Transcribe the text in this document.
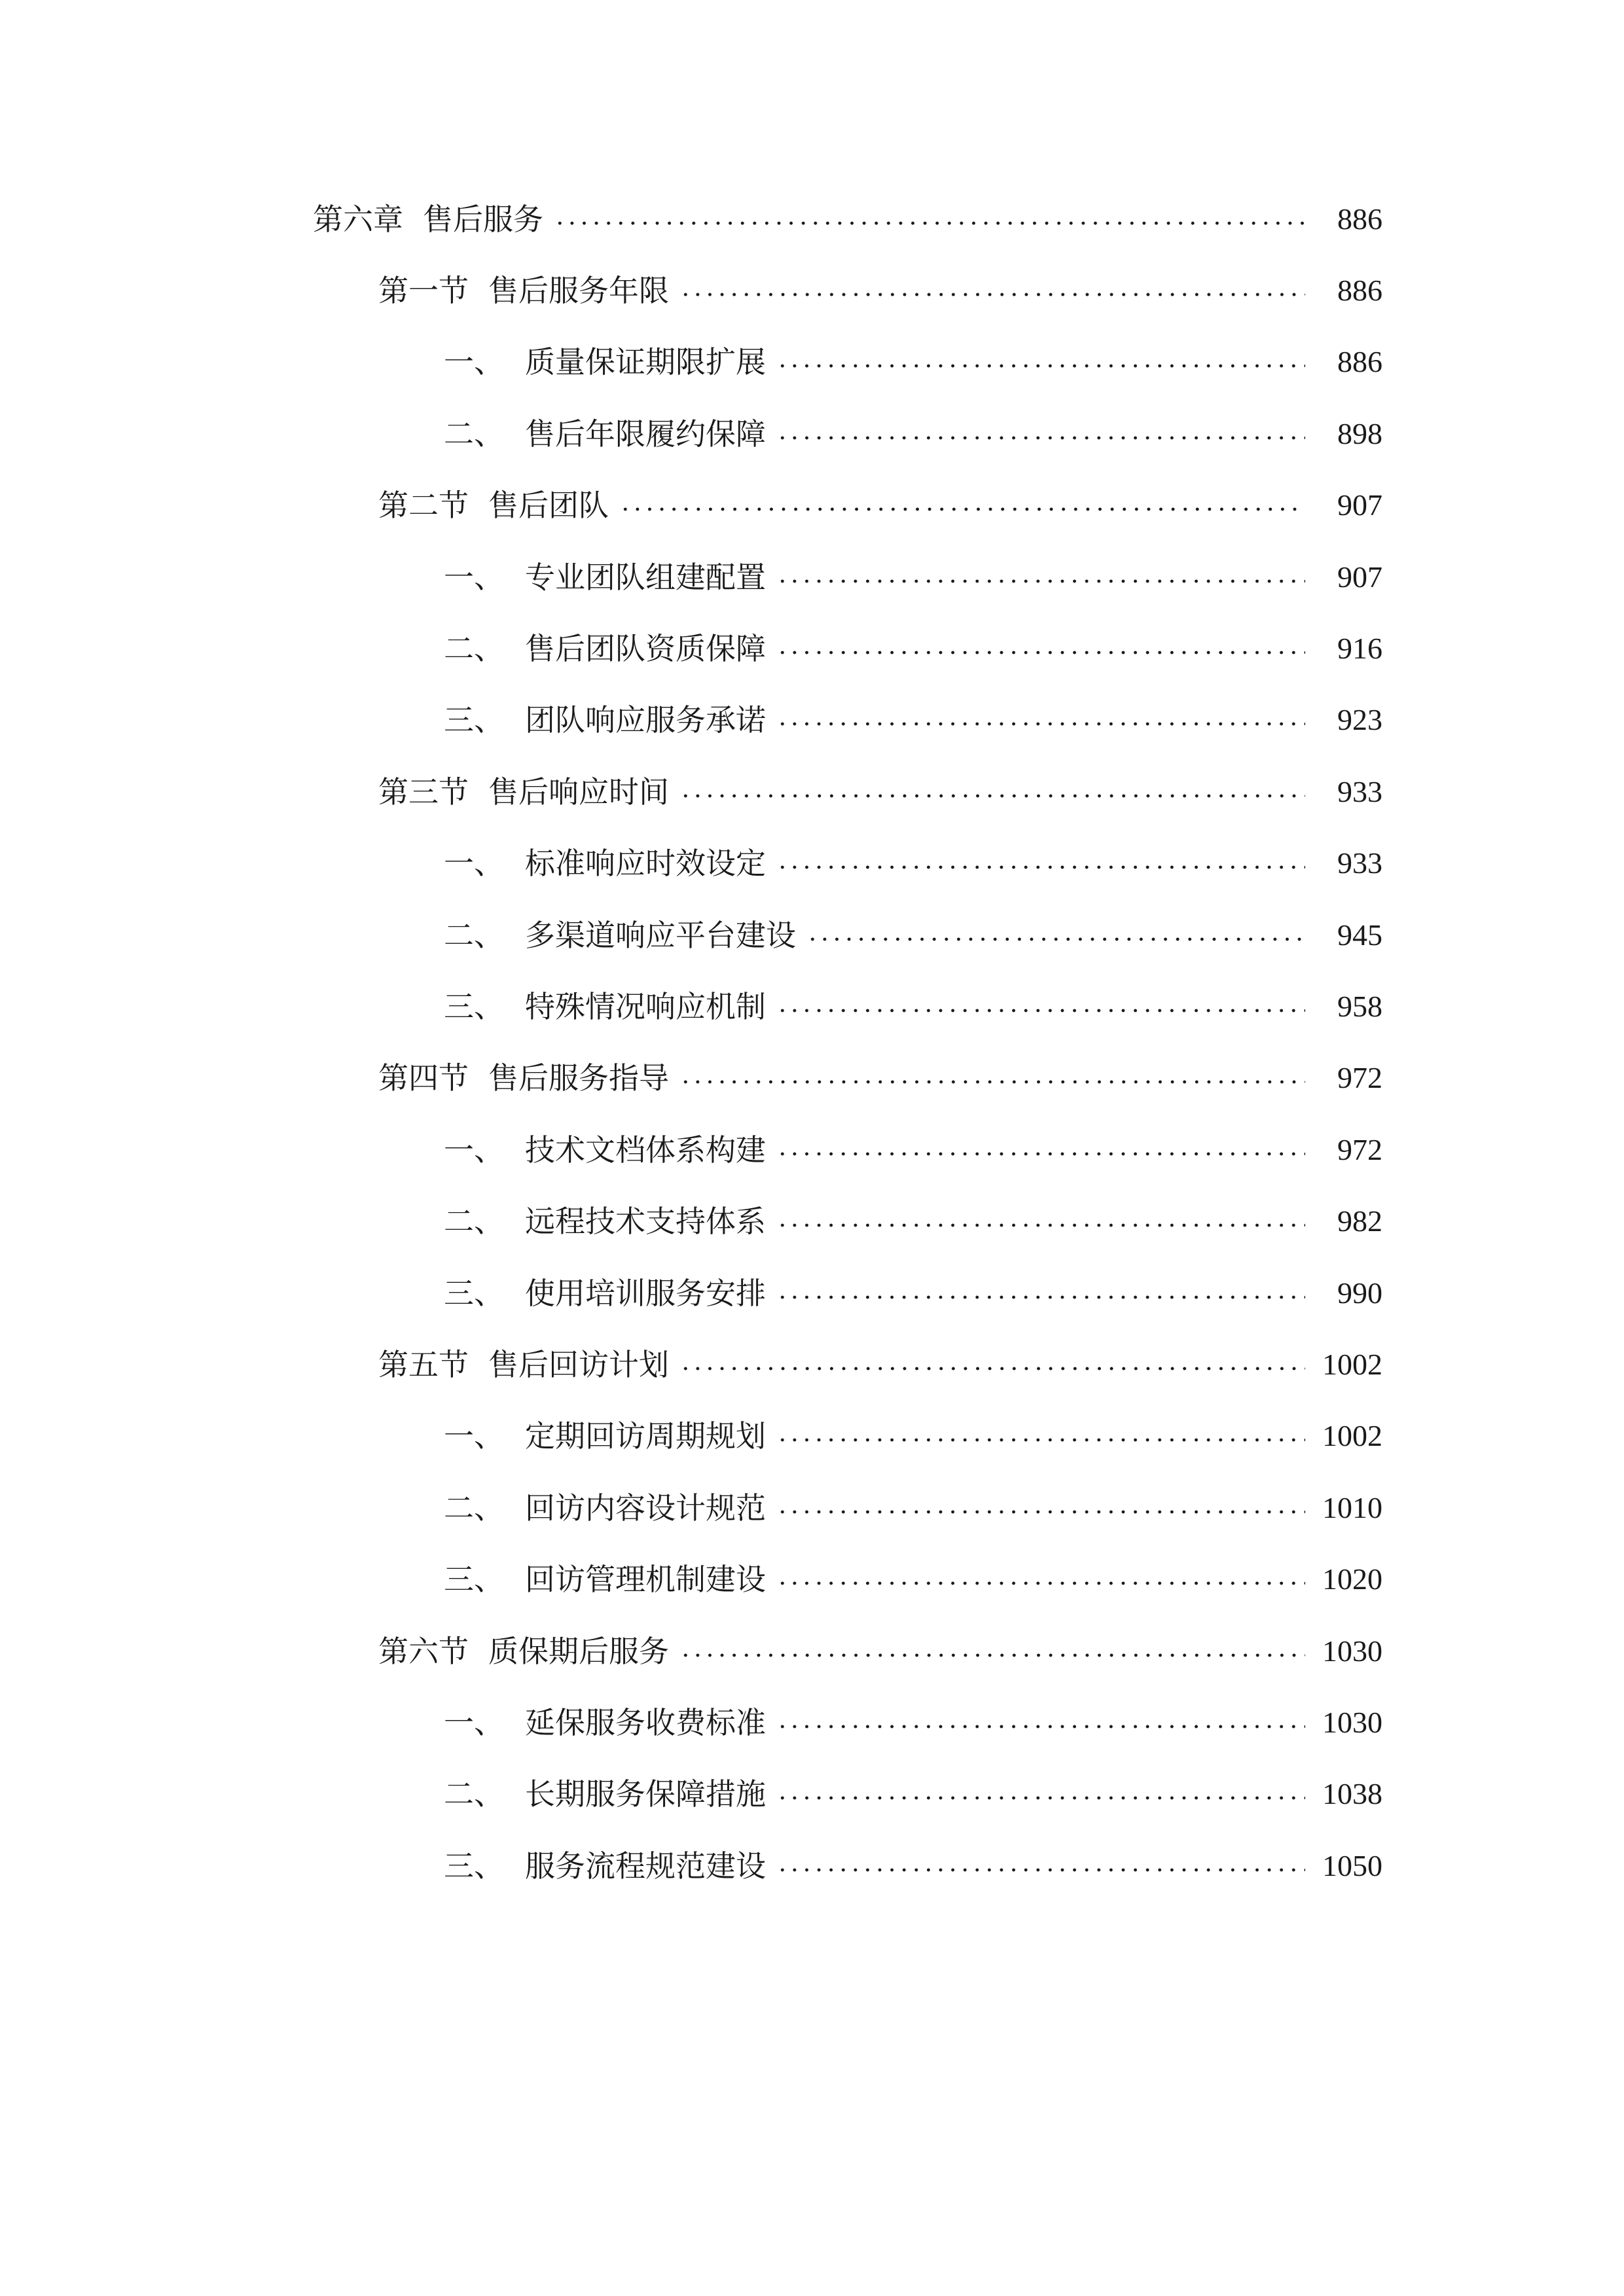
第六章 售后服务	886
第一节 售后服务年限	886
一、 质量保证期限扩展	886
二、 售后年限履约保障	898
第二节 售后团队	907
一、 专业团队组建配置	907
二、 售后团队资质保障	916
三、 团队响应服务承诺	923
第三节 售后响应时间	933
一、 标准响应时效设定	933
二、 多渠道响应平台建设	945
三、 特殊情况响应机制	958
第四节 售后服务指导	972
一、 技术文档体系构建	972
二、 远程技术支持体系	982
三、 使用培训服务安排	990
第五节 售后回访计划	1002
一、 定期回访周期规划	1002
二、 回访内容设计规范	1010
三、 回访管理机制建设	1020
第六节 质保期后服务	1030
一、 延保服务收费标准	1030
二、 长期服务保障措施	1038
三、 服务流程规范建设	1050
